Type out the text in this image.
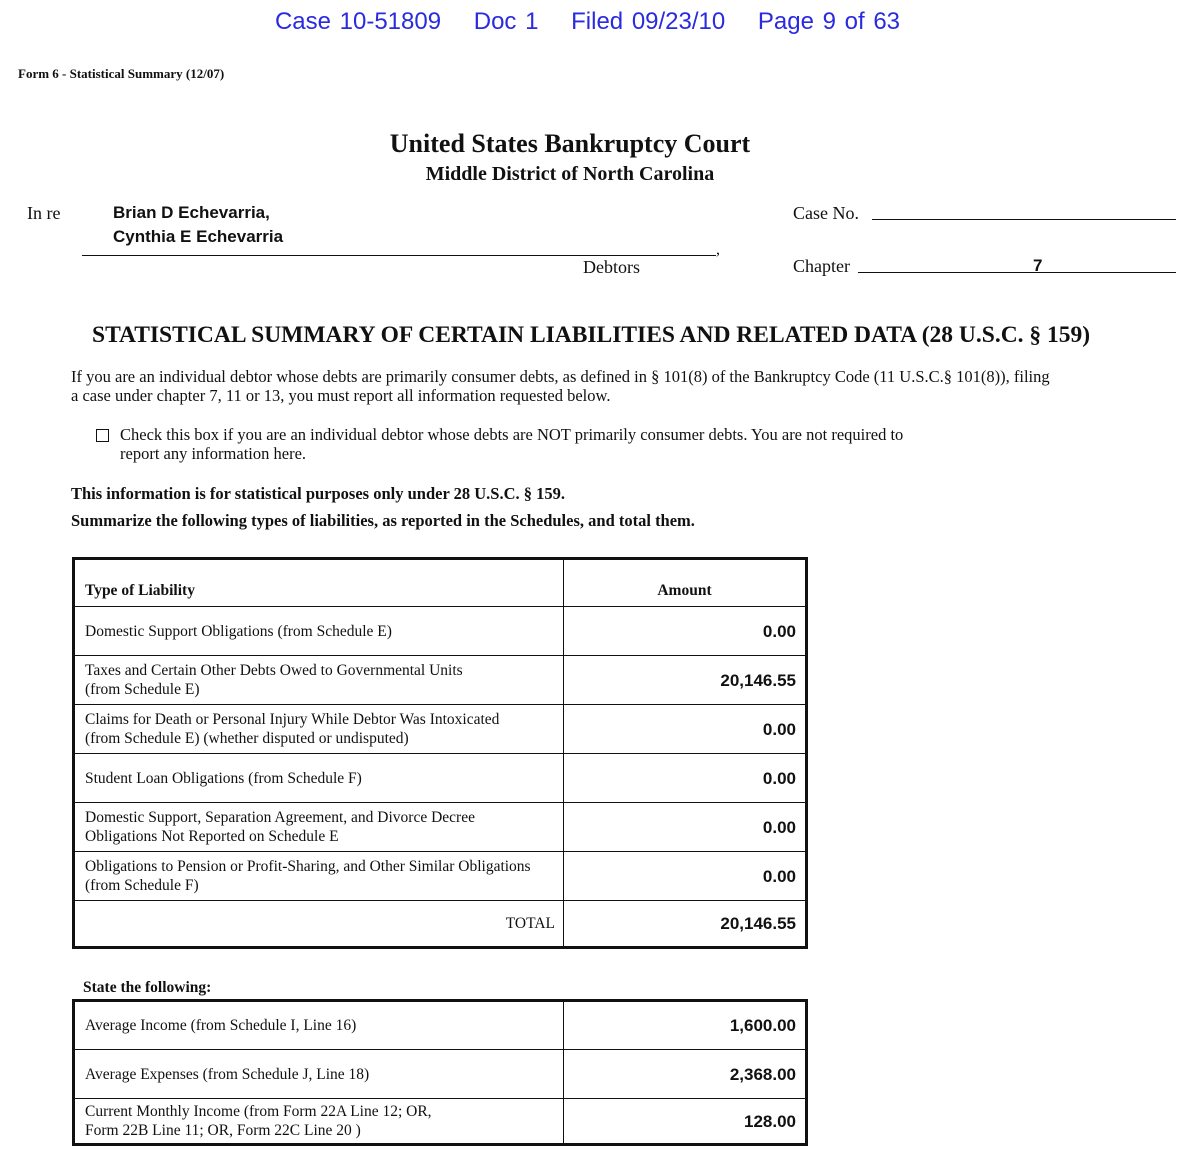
Case 10-51809 Doc 1 Filed 09/23/10 Page 9 of 63
Form 6 - Statistical Summary (12/07)
United States Bankruptcy Court
Middle District of North Carolina
In re	Brian D Echevarria,
Cynthia E Echevarria
,
Debtors
Case No.
Chapter	7
STATISTICAL SUMMARY OF CERTAIN LIABILITIES AND RELATED DATA (28 U.S.C. § 159)
If you are an individual debtor whose debts are primarily consumer debts, as defined in § 101(8) of the Bankruptcy Code (11 U.S.C.§ 101(8)), filing
a case under chapter 7, 11 or 13, you must report all information requested below.
Check this box if you are an individual debtor whose debts are NOT primarily consumer debts. You are not required to
report any information here.
This information is for statistical purposes only under 28 U.S.C. § 159.
Summarize the following types of liabilities, as reported in the Schedules, and total them.
Type of Liability	Amount

Domestic Support Obligations (from Schedule E)	0.00

Taxes and Certain Other Debts Owed to Governmental Units
(from Schedule E)	20,146.55

Claims for Death or Personal Injury While Debtor Was Intoxicated
(from Schedule E) (whether disputed or undisputed)	0.00

Student Loan Obligations (from Schedule F)	0.00

Domestic Support, Separation Agreement, and Divorce Decree
Obligations Not Reported on Schedule E	0.00

Obligations to Pension or Profit-Sharing, and Other Similar Obligations
(from Schedule F)	0.00
TOTAL	20,146.55
State the following:
Average Income (from Schedule I, Line 16)	1,600.00

Average Expenses (from Schedule J, Line 18)	2,368.00

Current Monthly Income (from Form 22A Line 12; OR,
Form 22B Line 11; OR, Form 22C Line 20 )	128.00
